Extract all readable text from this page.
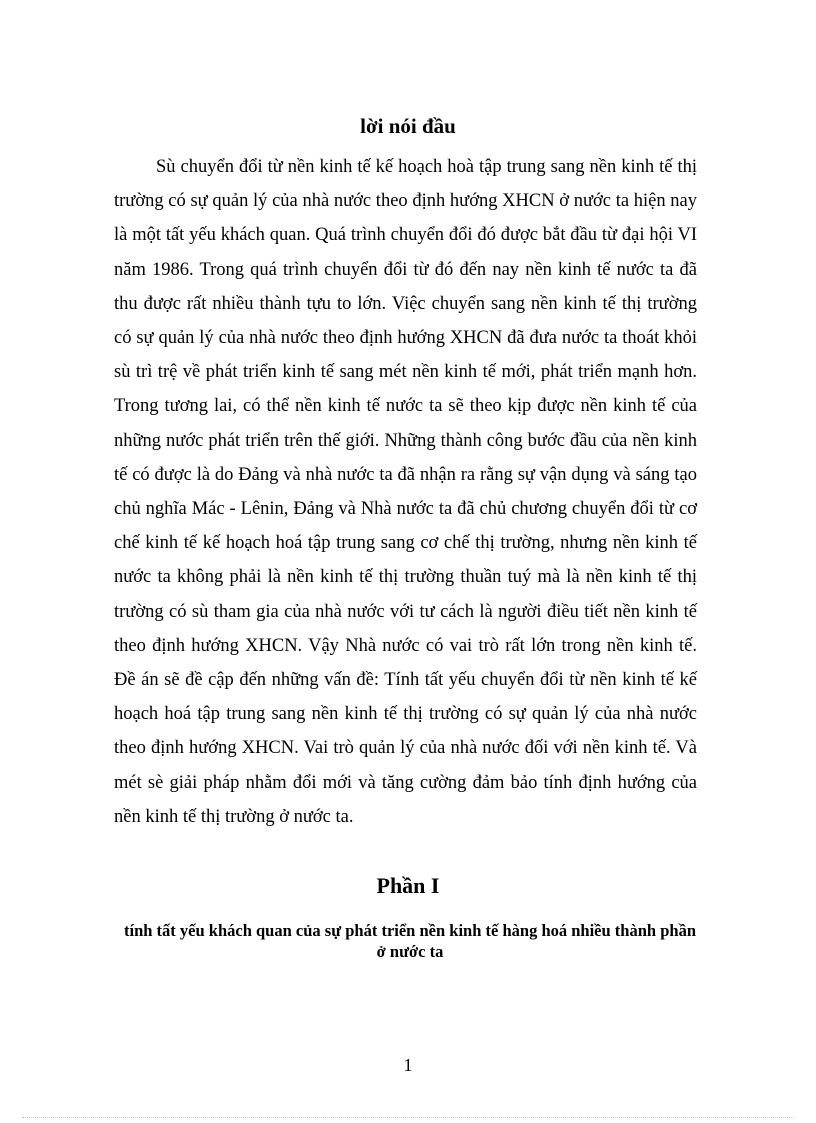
lời nói đầu

Sù chuyển đổi từ nền kinh tế kế hoạch hoà tập trung sang nền kinh tế thị trường có sự quản lý của nhà nước theo định hướng XHCN ở nước ta hiện nay là một tất yếu khách quan. Quá trình chuyển đổi đó được bắt đầu từ đại hội VI năm 1986. Trong quá trình chuyển đổi từ đó đến nay nền kinh tế nước ta đã thu được rất nhiều thành tựu to lớn. Việc chuyển sang nền kinh tế thị trường có sự quản lý của nhà nước theo định hướng XHCN đã đưa nước ta thoát khỏi sù trì trệ về phát triển kinh tế sang mét nền kinh tế mới, phát triển mạnh hơn. Trong tương lai, có thể nền kinh tế nước ta sẽ theo kịp được nền kinh tế của những nước phát triển trên thế giới. Những thành công bước đầu của nền kinh tế có được là do Đảng và nhà nước ta đã nhận ra rằng sự vận dụng và sáng tạo chủ nghĩa Mác - Lênin, Đảng và Nhà nước ta đã chủ chương chuyển đổi từ cơ chế kinh tế kế hoạch hoá tập trung sang cơ chế thị trường, nhưng nền kinh tế nước ta không phải là nền kinh tế thị trường thuần tuý mà là nền kinh tế thị trường có sù tham gia của nhà nước với tư cách là người điều tiết nền kinh tế theo định hướng XHCN. Vậy Nhà nước có vai trò rất lớn trong nền kinh tế. Đề án sẽ đề cập đến những vấn đề: Tính tất yếu chuyển đổi từ nền kinh tế kế hoạch hoá tập trung sang nền kinh tế thị trường có sự quản lý của nhà nước theo định hướng XHCN. Vai trò quản lý của nhà nước đối với nền kinh tế. Và mét sè giải pháp nhằm đổi mới và tăng cường đảm bảo tính định hướng của nền kinh tế thị trường ở nước ta.

Phần I
tính tất yếu khách quan của sự phát triển nền kinh tế hàng hoá nhiều thành phần ở nước ta
1
